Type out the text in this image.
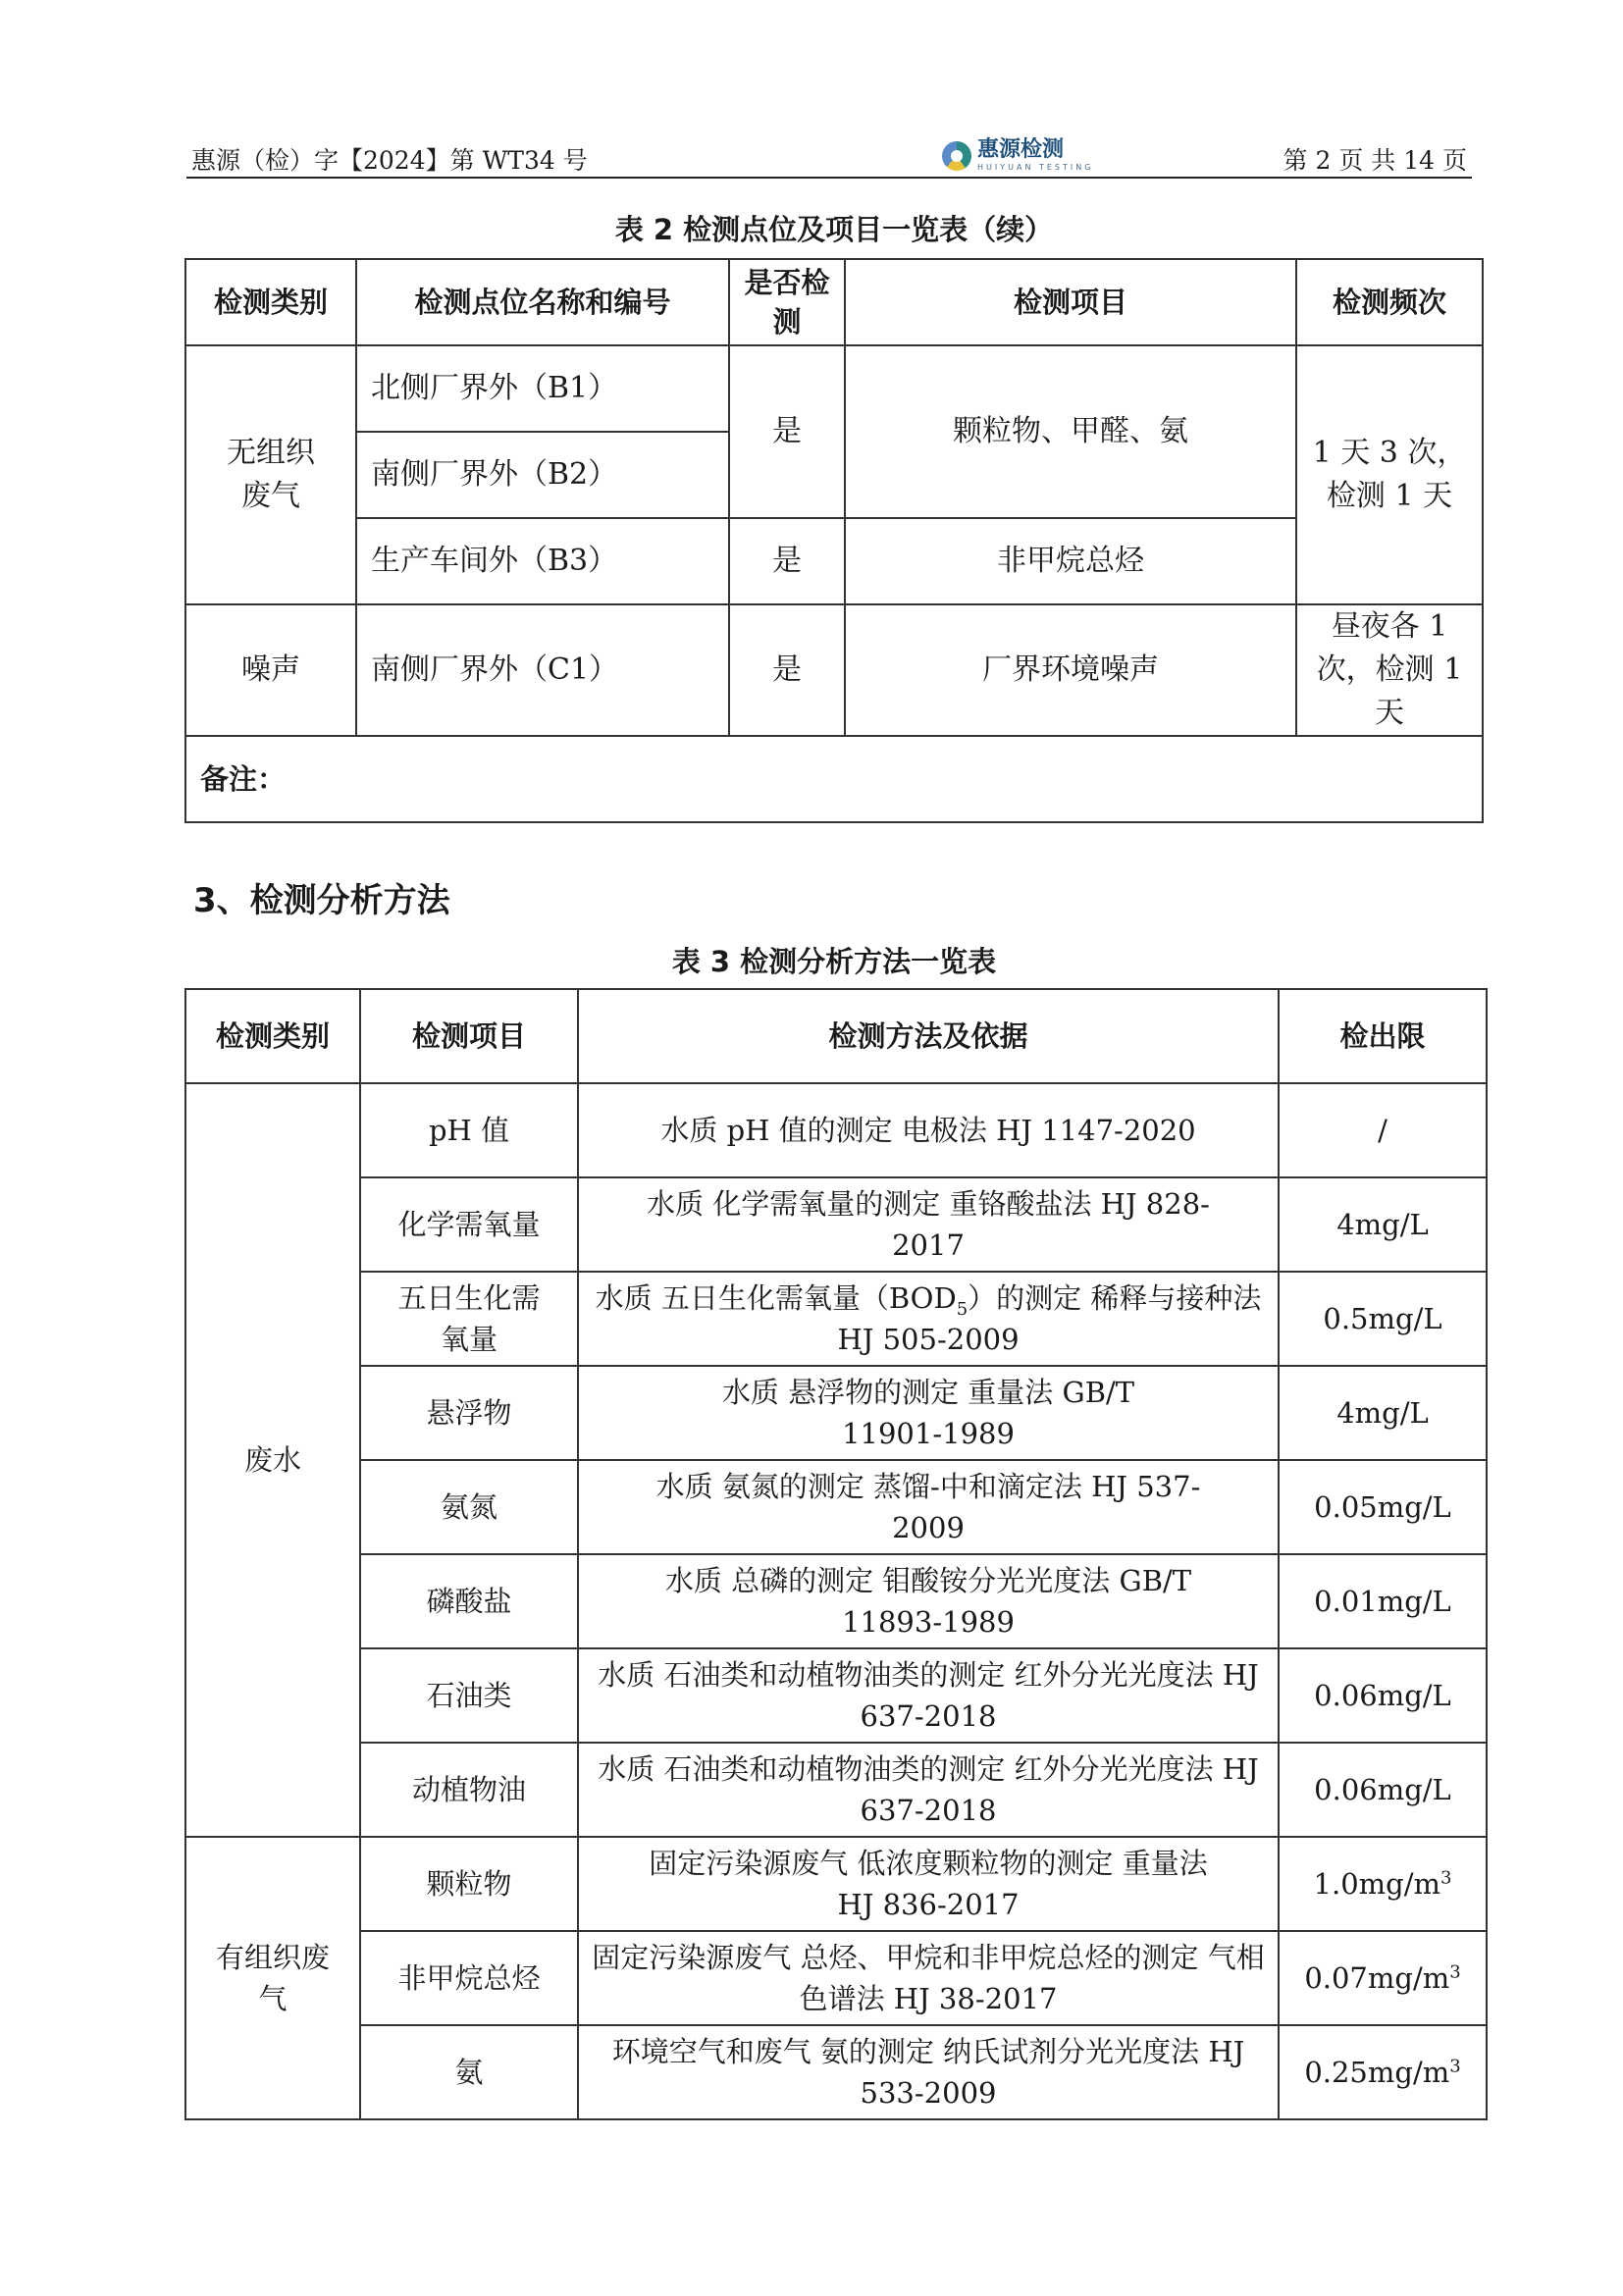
惠源（检）字【2024】第 WT34 号	惠源检测
HUIYUAN TESTING	第 2 页 共 14 页
表 2 检测点位及项目一览表（续）
检测类别	检测点位名称和编号	是否检测	检测项目	检测频次
无组织废气	北侧厂界外（B1）	是	颗粒物、甲醛、氨	1 天 3 次，检测 1 天
	南侧厂界外（B2）			
	生产车间外（B3）	是	非甲烷总烃	
噪声	南侧厂界外（C1）	是	厂界环境噪声	昼夜各 1 次，检测 1 天
备注：				
3、检测分析方法
表 3 检测分析方法一览表
检测类别	检测项目	检测方法及依据	检出限
废水	pH 值	水质 pH 值的测定 电极法 HJ 1147-2020	/
	化学需氧量	水质 化学需氧量的测定 重铬酸盐法 HJ 828-2017	4mg/L
	五日生化需氧量	水质 五日生化需氧量$(BOD_5)$的测定 稀释与接种法 HJ 505-2009	0.5mg/L
	悬浮物	水质 悬浮物的测定 重量法 GB/T 11901-1989	4mg/L
	氨氮	水质 氨氮的测定 蒸馏-中和滴定法 HJ 537-2009	0.05mg/L
	磷酸盐	水质 总磷的测定 钼酸铵分光光度法 GB/T 11893-1989	0.01mg/L
	石油类	水质 石油类和动植物油类的测定 红外分光光度法 HJ 637-2018	0.06mg/L
	动植物油	水质 石油类和动植物油类的测定 红外分光光度法 HJ 637-2018	0.06mg/L
有组织废气	颗粒物	固定污染源废气 低浓度颗粒物的测定 重量法 HJ 836-2017	$1.0mg/m^3$
	非甲烷总烃	固定污染源废气 总烃、甲烷和非甲烷总烃的测定 气相色谱法 HJ 38-2017	$0.07mg/m^3$
	氨	环境空气和废气 氨的测定 纳氏试剂分光光度法 HJ 533-2009	$0.25mg/m^3$
